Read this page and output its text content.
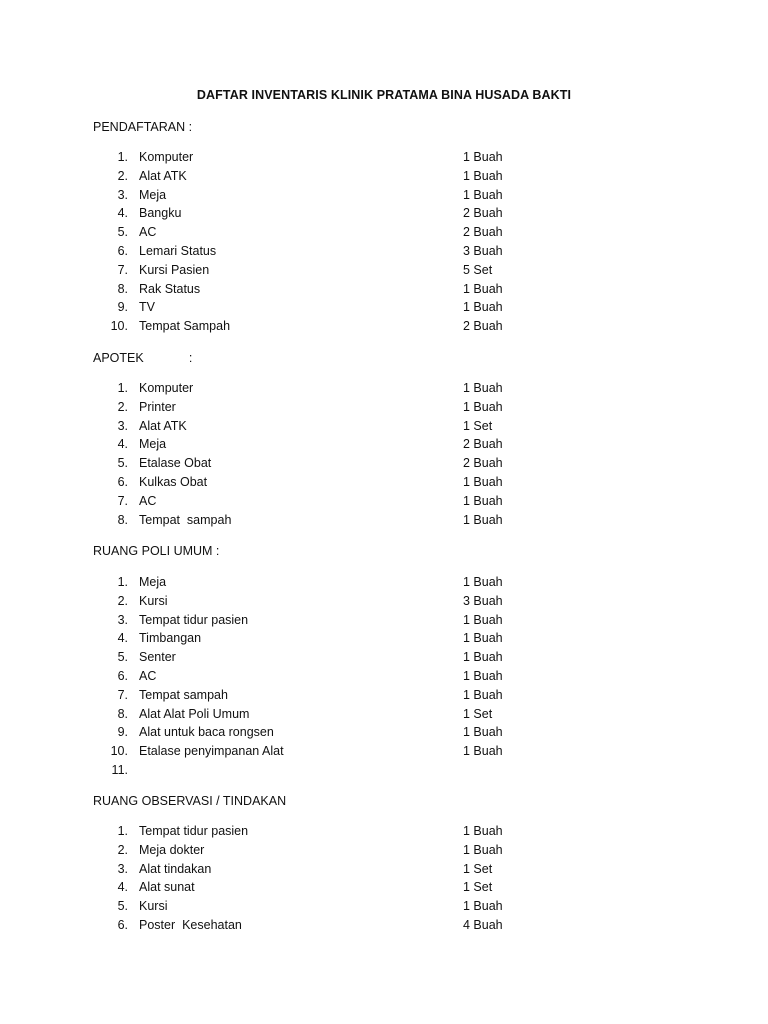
DAFTAR INVENTARIS KLINIK PRATAMA BINA HUSADA BAKTI
PENDAFTARAN :
1. Komputer	1 Buah
2. Alat ATK	1 Buah
3. Meja	1 Buah
4. Bangku	2 Buah
5. AC	2 Buah
6. Lemari Status	3 Buah
7. Kursi Pasien	5 Set
8. Rak Status	1 Buah
9. TV	1 Buah
10. Tempat Sampah	2 Buah
APOTEK             :
1. Komputer	1 Buah
2. Printer	1 Buah
3. Alat ATK	1 Set
4. Meja	2 Buah
5. Etalase Obat	2 Buah
6. Kulkas Obat	1 Buah
7. AC	1 Buah
8. Tempat  sampah	1 Buah
RUANG POLI UMUM :
1. Meja	1 Buah
2. Kursi	3 Buah
3. Tempat tidur pasien	1 Buah
4. Timbangan	1 Buah
5. Senter	1 Buah
6. AC	1 Buah
7. Tempat sampah	1 Buah
8. Alat Alat Poli Umum	1 Set
9. Alat untuk baca rongsen	1 Buah
10. Etalase penyimpanan Alat	1 Buah
11.
RUANG OBSERVASI / TINDAKAN
1. Tempat tidur pasien	1 Buah
2. Meja dokter	1 Buah
3. Alat tindakan	1 Set
4. Alat sunat	1 Set
5. Kursi	1 Buah
6. Poster  Kesehatan	4 Buah
